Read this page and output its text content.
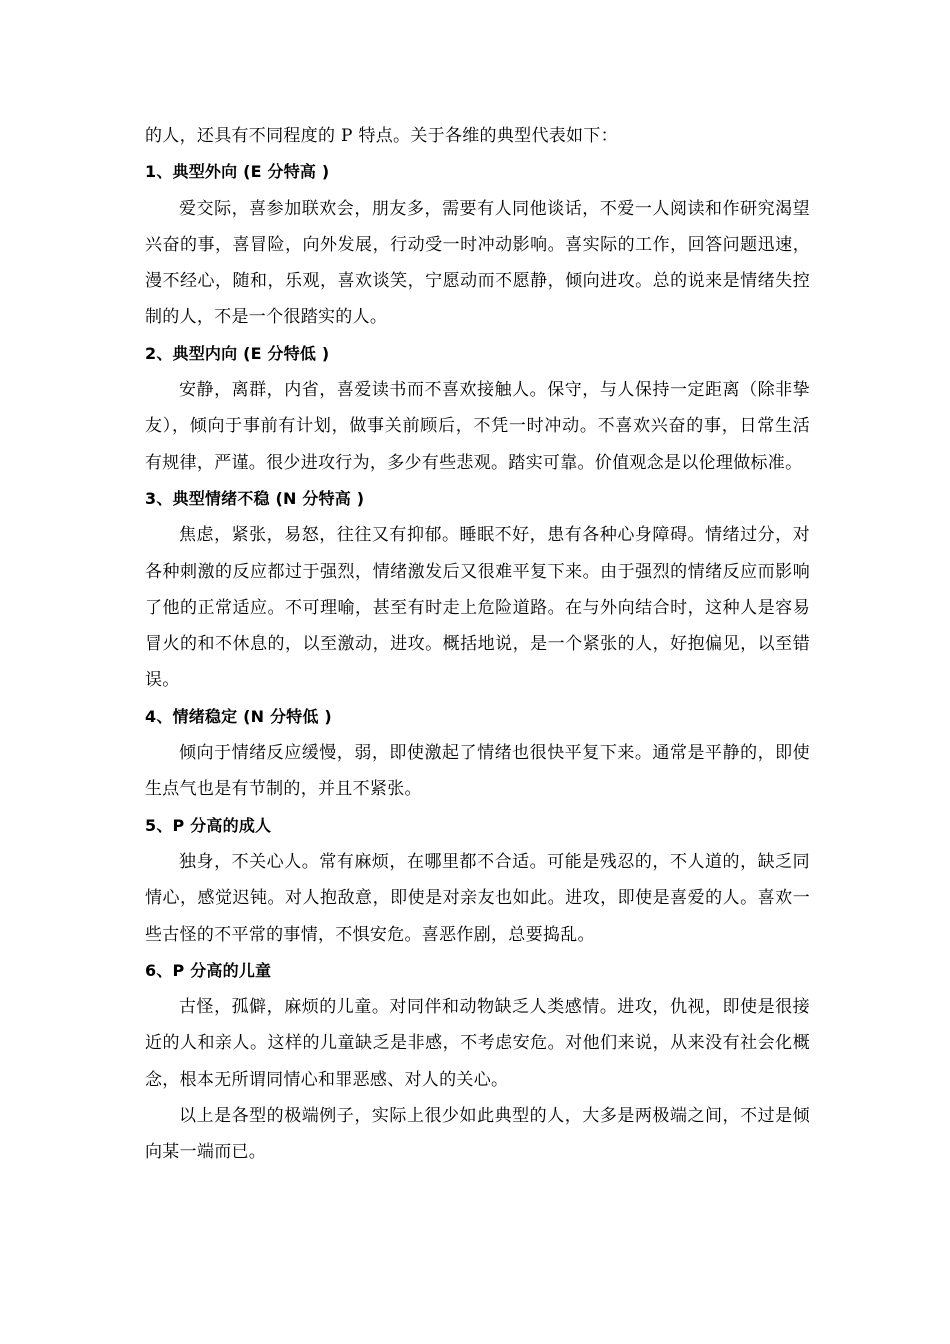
的人，还具有不同程度的 P 特点。关于各维的典型代表如下：

1、典型外向 (E 分特高 )

爱交际，喜参加联欢会，朋友多，需要有人同他谈话，不爱一人阅读和作研究渴望兴奋的事，喜冒险，向外发展，行动受一时冲动影响。喜实际的工作，回答问题迅速，漫不经心，随和，乐观，喜欢谈笑，宁愿动而不愿静，倾向进攻。总的说来是情绪失控制的人，不是一个很踏实的人。

2、典型内向 (E 分特低 )

安静，离群，内省，喜爱读书而不喜欢接触人。保守，与人保持一定距离（除非挚友），倾向于事前有计划，做事关前顾后，不凭一时冲动。不喜欢兴奋的事，日常生活有规律，严谨。很少进攻行为，多少有些悲观。踏实可靠。价值观念是以伦理做标准。

3、典型情绪不稳 (N 分特高 )

焦虑，紧张，易怒，往往又有抑郁。睡眠不好，患有各种心身障碍。情绪过分，对各种刺激的反应都过于强烈，情绪激发后又很难平复下来。由于强烈的情绪反应而影响了他的正常适应。不可理喻，甚至有时走上危险道路。在与外向结合时，这种人是容易冒火的和不休息的，以至激动，进攻。概括地说，是一个紧张的人，好抱偏见，以至错误。

4、情绪稳定 (N 分特低 )

倾向于情绪反应缓慢，弱，即使激起了情绪也很快平复下来。通常是平静的，即使生点气也是有节制的，并且不紧张。

5、P 分高的成人

独身，不关心人。常有麻烦，在哪里都不合适。可能是残忍的，不人道的，缺乏同情心，感觉迟钝。对人抱敌意，即使是对亲友也如此。进攻，即使是喜爱的人。喜欢一些古怪的不平常的事情，不惧安危。喜恶作剧，总要捣乱。

6、P 分高的儿童

古怪，孤僻，麻烦的儿童。对同伴和动物缺乏人类感情。进攻，仇视，即使是很接近的人和亲人。这样的儿童缺乏是非感，不考虑安危。对他们来说，从来没有社会化概念，根本无所谓同情心和罪恶感、对人的关心。

以上是各型的极端例子，实际上很少如此典型的人，大多是两极端之间，不过是倾向某一端而已。
